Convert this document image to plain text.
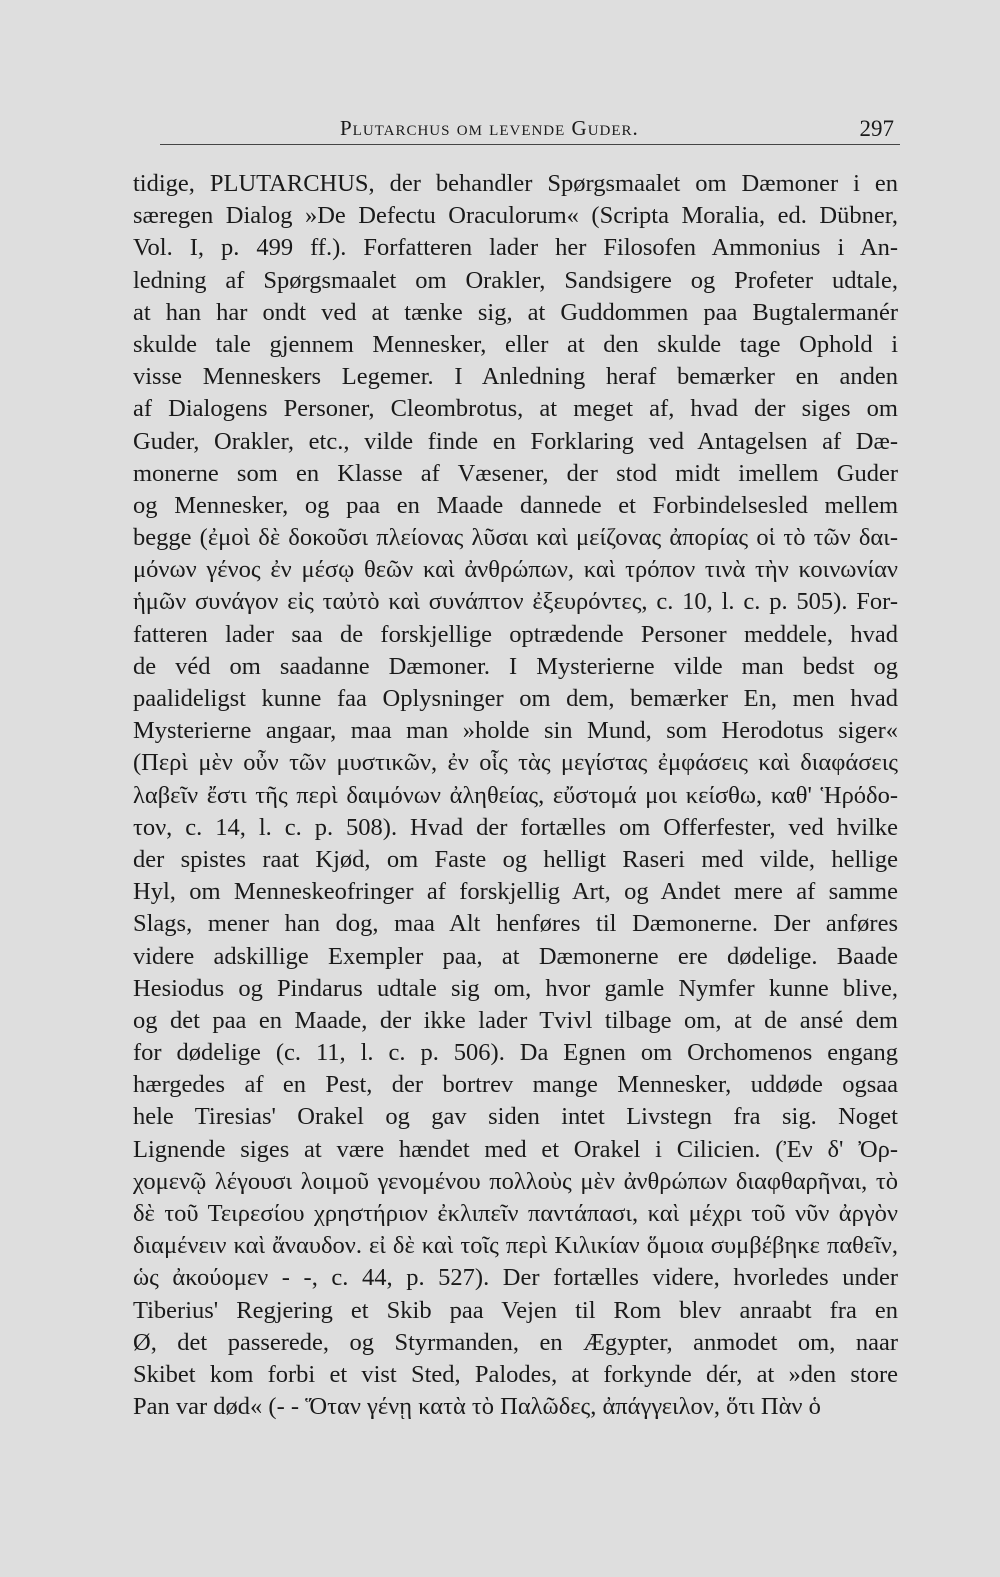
Plutarchus om levende Guder.	297
tidige, PLUTARCHUS, der behandler Spørgsmaalet om Dæmoner i en
særegen Dialog »De Defectu Oraculorum« (Scripta Moralia, ed. Dübner,
Vol. I, p. 499 ff.). Forfatteren lader her Filosofen Ammonius i An-
ledning af Spørgsmaalet om Orakler, Sandsigere og Profeter udtale,
at han har ondt ved at tænke sig, at Guddommen paa Bugtalermanér
skulde tale gjennem Mennesker, eller at den skulde tage Ophold i
visse Menneskers Legemer. I Anledning heraf bemærker en anden
af Dialogens Personer, Cleombrotus, at meget af, hvad der siges om
Guder, Orakler, etc., vilde finde en Forklaring ved Antagelsen af Dæ-
monerne som en Klasse af Væsener, der stod midt imellem Guder
og Mennesker, og paa en Maade dannede et Forbindelsesled mellem
begge (ἐμοὶ δὲ δοκοῦσι πλείονας λῦσαι καὶ μείζονας ἀπορίας οἱ τὸ τῶν δαι-
μόνων γένος ἐν μέσῳ θεῶν καὶ ἀνθρώπων, καὶ τρόπον τινὰ τὴν κοινωνίαν
ἡμῶν συνάγον εἰς ταὐτὸ καὶ συνάπτον ἐξευρόντες, c. 10, l. c. p. 505). For-
fatteren lader saa de forskjellige optrædende Personer meddele, hvad
de véd om saadanne Dæmoner. I Mysterierne vilde man bedst og
paalideligst kunne faa Oplysninger om dem, bemærker En, men hvad
Mysterierne angaar, maa man »holde sin Mund, som Herodotus siger«
(Περὶ μὲν οὖν τῶν μυστικῶν, ἐν οἷς τὰς μεγίστας ἐμφάσεις καὶ διαφάσεις
λαβεῖν ἔστι τῆς περὶ δαιμόνων ἀληθείας, εὔστομά μοι κείσθω, καθ' Ἡρόδο-
τον, c. 14, l. c. p. 508). Hvad der fortælles om Offerfester, ved hvilke
der spistes raat Kjød, om Faste og helligt Raseri med vilde, hellige
Hyl, om Menneskeofringer af forskjellig Art, og Andet mere af samme
Slags, mener han dog, maa Alt henføres til Dæmonerne. Der anføres
videre adskillige Exempler paa, at Dæmonerne ere dødelige. Baade
Hesiodus og Pindarus udtale sig om, hvor gamle Nymfer kunne blive,
og det paa en Maade, der ikke lader Tvivl tilbage om, at de ansé dem
for dødelige (c. 11, l. c. p. 506). Da Egnen om Orchomenos engang
hærgedes af en Pest, der bortrev mange Mennesker, uddøde ogsaa
hele Tiresias' Orakel og gav siden intet Livstegn fra sig. Noget
Lignende siges at være hændet med et Orakel i Cilicien. (Ἐν δ' Ὀρ-
χομενῷ λέγουσι λοιμοῦ γενομένου πολλοὺς μὲν ἀνθρώπων διαφθαρῆναι, τὸ
δὲ τοῦ Τειρεσίου χρηστήριον ἐκλιπεῖν παντάπασι, καὶ μέχρι τοῦ νῦν ἀργὸν
διαμένειν καὶ ἄναυδον. εἰ δὲ καὶ τοῖς περὶ Κιλικίαν ὅμοια συμβέβηκε παθεῖν,
ὡς ἀκούομεν - -, c. 44, p. 527). Der fortælles videre, hvorledes under
Tiberius' Regjering et Skib paa Vejen til Rom blev anraabt fra en
Ø, det passerede, og Styrmanden, en Ægypter, anmodet om, naar
Skibet kom forbi et vist Sted, Palodes, at forkynde dér, at »den store
Pan var død« (- - Ὅταν γένῃ κατὰ τὸ Παλῶδες, ἀπάγγειλον, ὅτι Πὰν ὁ
